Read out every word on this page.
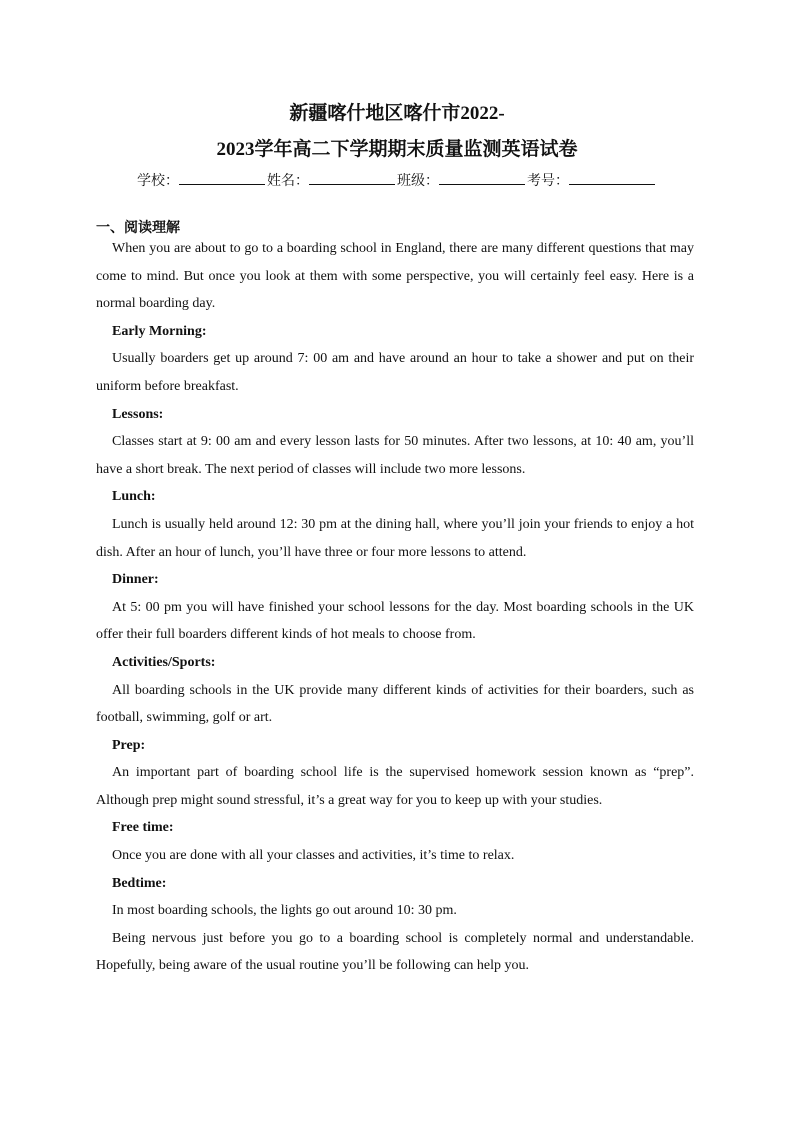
新疆喀什地区喀什市2022-
2023学年高二下学期期末质量监测英语试卷
学校：	姓名：	班级：	考号：
一、阅读理解

When you are about to go to a boarding school in England, there are many different questions that may come to mind. But once you look at them with some perspective, you will certainly feel easy. Here is a normal boarding day.

Early Morning:

Usually boarders get up around 7: 00 am and have around an hour to take a shower and put on their uniform before breakfast.

Lessons:

Classes start at 9: 00 am and every lesson lasts for 50 minutes. After two lessons, at 10: 40 am, you’ll have a short break. The next period of classes will include two more lessons.

Lunch:

Lunch is usually held around 12: 30 pm at the dining hall, where you’ll join your friends to enjoy a hot dish. After an hour of lunch, you’ll have three or four more lessons to attend.

Dinner:

At 5: 00 pm you will have finished your school lessons for the day. Most boarding schools in the UK offer their full boarders different kinds of hot meals to choose from.

Activities/Sports:

All boarding schools in the UK provide many different kinds of activities for their boarders, such as football, swimming, golf or art.

Prep:

An important part of boarding school life is the supervised homework session known as “prep”. Although prep might sound stressful, it’s a great way for you to keep up with your studies.

Free time:

Once you are done with all your classes and activities, it’s time to relax.

Bedtime:

In most boarding schools, the lights go out around 10: 30 pm.

Being nervous just before you go to a boarding school is completely normal and understandable. Hopefully, being aware of the usual routine you’ll be following can help you.
